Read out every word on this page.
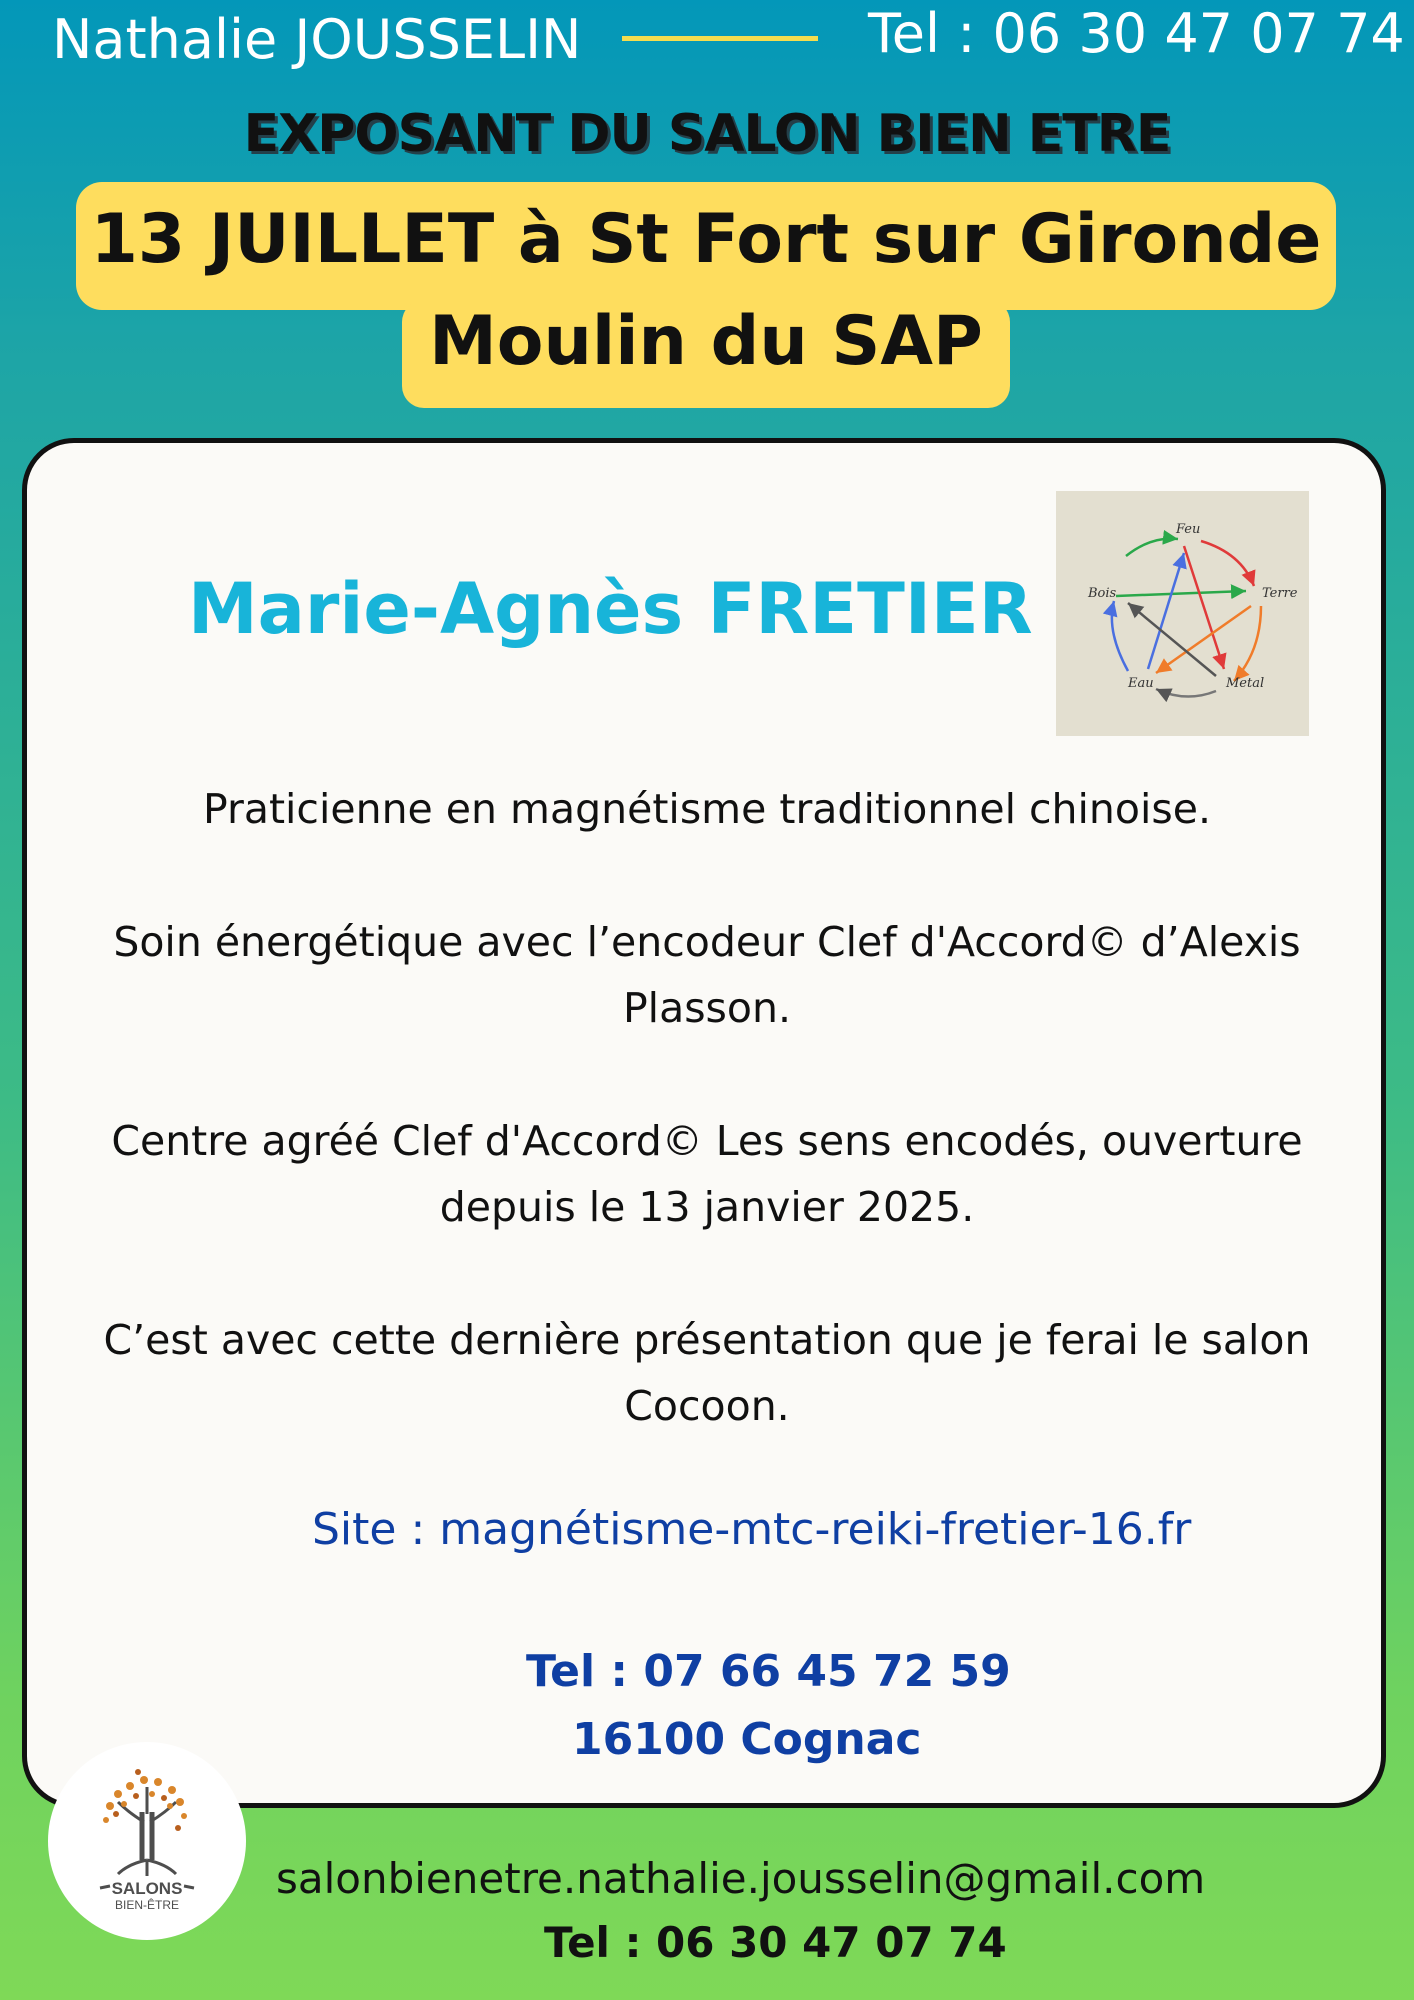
Nathalie JOUSSELIN	Tel : 06 30 47 07 74
EXPOSANT DU SALON BIEN ETRE
13 JUILLET à St Fort sur Gironde
Moulin du SAP
Marie-Agnès FRETIER
Feu
Terre
Metal
Eau
Bois
Praticienne en magnétisme traditionnel chinoise.
Soin énergétique avec l’encodeur Clef d'Accord© d’Alexis Plasson.
Centre agréé Clef d'Accord© Les sens encodés, ouverture depuis le 13 janvier 2025.
C’est avec cette dernière présentation que je ferai le salon Cocoon.
Site : magnétisme-mtc-reiki-fretier-16.fr
Tel : 07 66 45 72 59
16100 Cognac
SALONS
BIEN-ÊTRE
salonbienetre.nathalie.jousselin@gmail.com
Tel : 06 30 47 07 74
